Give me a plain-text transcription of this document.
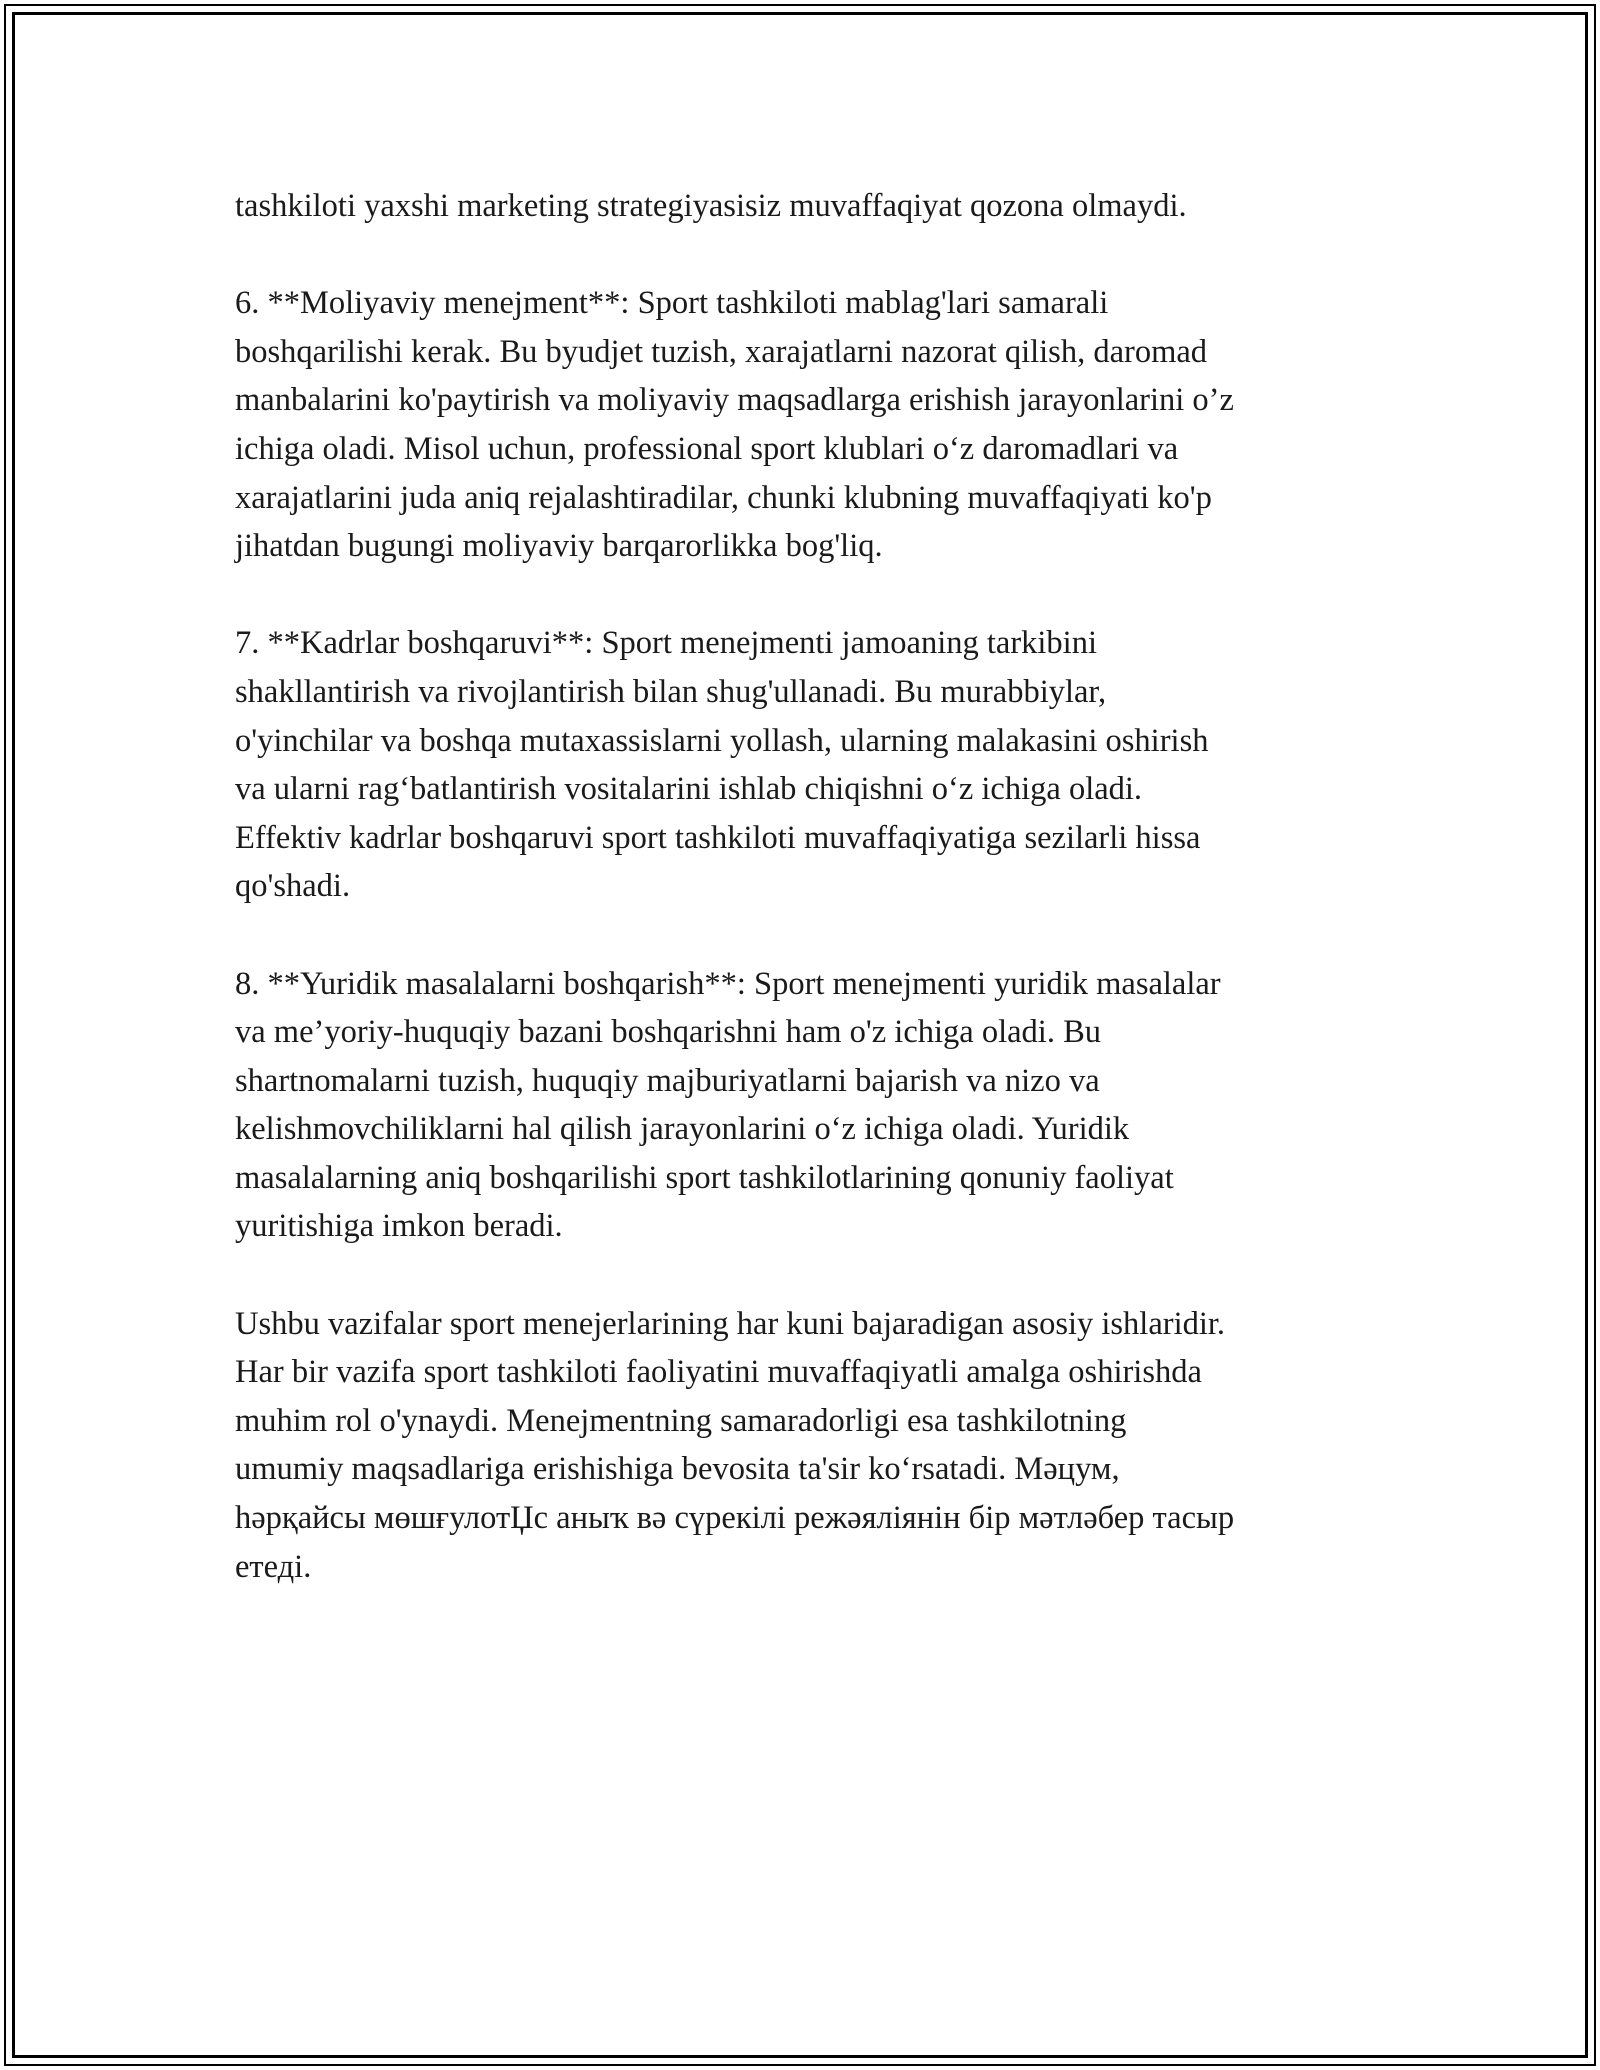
tashkiloti yaxshi marketing strategiyasisiz muvaffaqiyat qozona olmaydi.

6. **Moliyaviy menejment**: Sport tashkiloti mablag'lari samarali
boshqarilishi kerak. Bu byudjet tuzish, xarajatlarni nazorat qilish, daromad
manbalarini ko'paytirish va moliyaviy maqsadlarga erishish jarayonlarini o’z
ichiga oladi. Misol uchun, professional sport klublari o‘z daromadlari va
xarajatlarini juda aniq rejalashtiradilar, chunki klubning muvaffaqiyati ko'p
jihatdan bugungi moliyaviy barqarorlikka bog'liq.

7. **Kadrlar boshqaruvi**: Sport menejmenti jamoaning tarkibini
shakllantirish va rivojlantirish bilan shug'ullanadi. Bu murabbiylar,
o'yinchilar va boshqa mutaxassislarni yollash, ularning malakasini oshirish
va ularni rag‘batlantirish vositalarini ishlab chiqishni o‘z ichiga oladi.
Effektiv kadrlar boshqaruvi sport tashkiloti muvaffaqiyatiga sezilarli hissa
qo'shadi.

8. **Yuridik masalalarni boshqarish**: Sport menejmenti yuridik masalalar
va me’yoriy-huquqiy bazani boshqarishni ham o'z ichiga oladi. Bu
shartnomalarni tuzish, huquqiy majburiyatlarni bajarish va nizo va
kelishmovchiliklarni hal qilish jarayonlarini o‘z ichiga oladi. Yuridik
masalalarning aniq boshqarilishi sport tashkilotlarining qonuniy faoliyat
yuritishiga imkon beradi.

Ushbu vazifalar sport menejerlarining har kuni bajaradigan asosiy ishlaridir.
Har bir vazifa sport tashkiloti faoliyatini muvaffaqiyatli amalga oshirishda
muhim rol o'ynaydi. Menejmentning samaradorligi esa tashkilotning
umumiy maqsadlariga erishishiga bevosita ta'sir ko‘rsatadi. Мәцум,
һәрқайсы мөшғулотЏс аныҡ вә сүрекілі режәяліянін бір мәтләбер тасыр
етеді.
